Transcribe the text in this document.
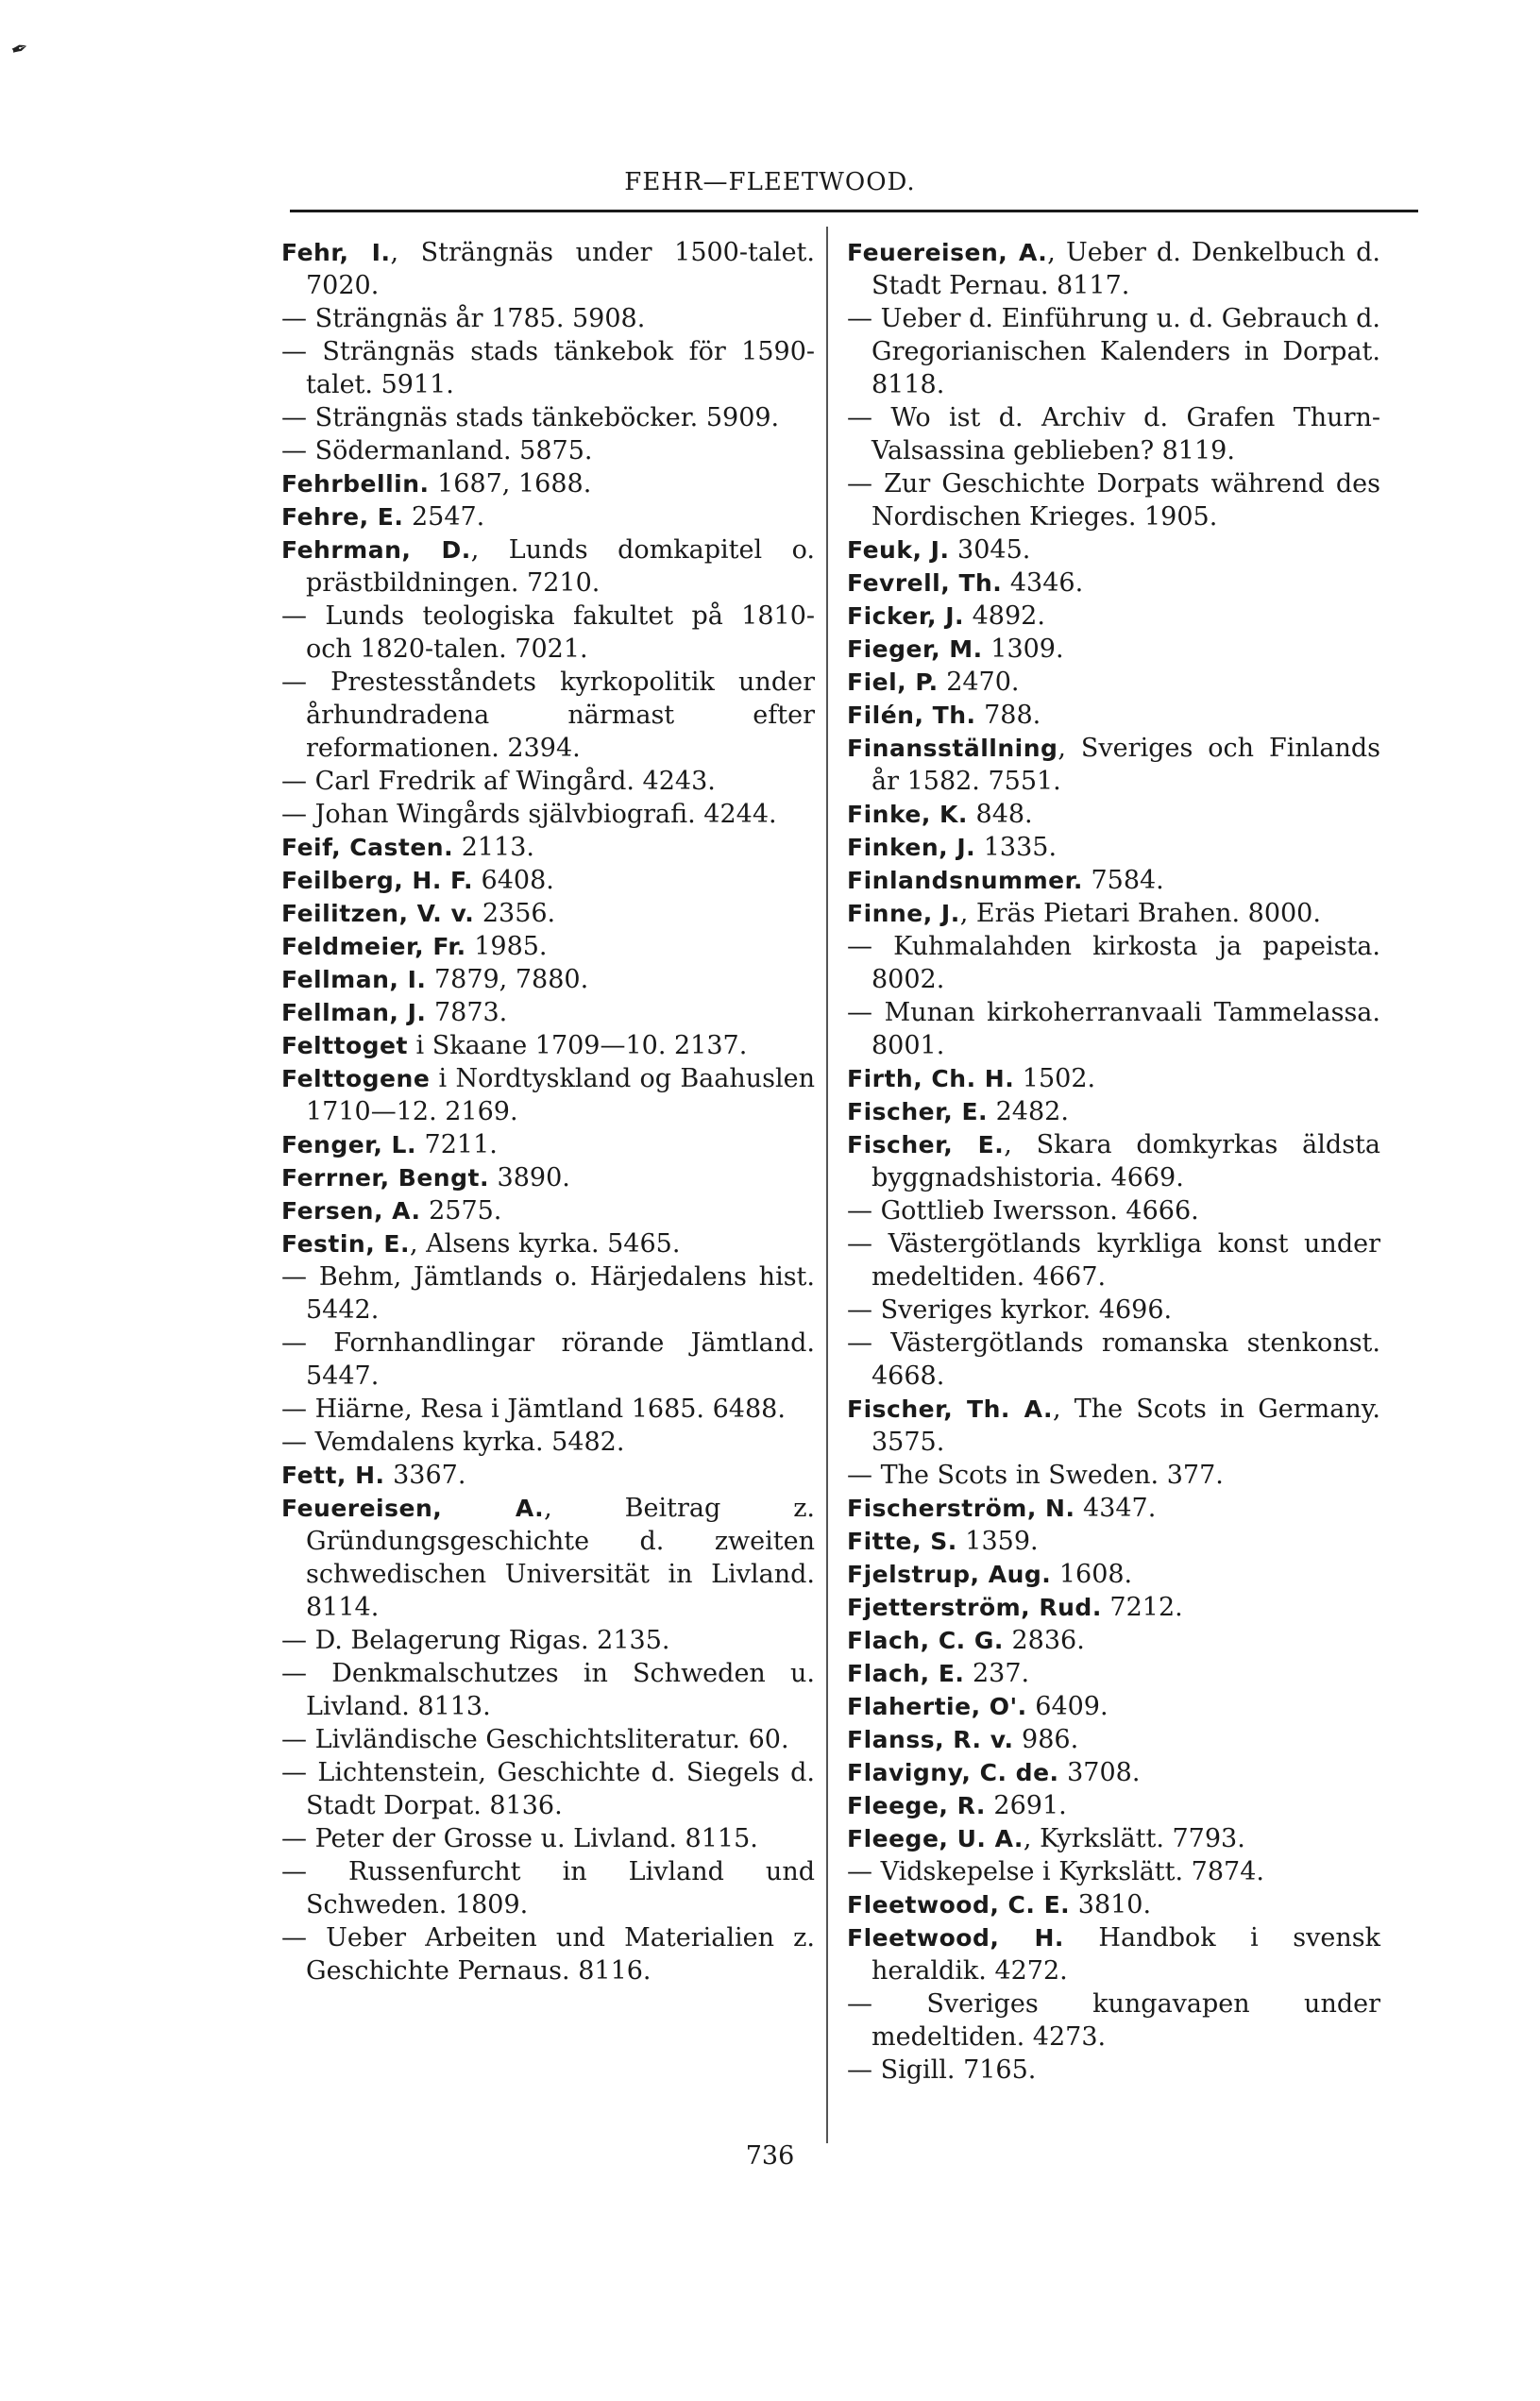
✒
FEHR—FLEETWOOD.
Fehr, I., Strängnäs under 1500-talet. 7020.
— Strängnäs år 1785. 5908.
— Strängnäs stads tänkebok för 1590-talet. 5911.
— Strängnäs stads tänkeböcker. 5909.
— Södermanland. 5875.
Fehrbellin. 1687, 1688.
Fehre, E. 2547.
Fehrman, D., Lunds domkapitel o. prästbildningen. 7210.
— Lunds teologiska fakultet på 1810- och 1820-talen. 7021.
— Prestesståndets kyrkopolitik under århundradena närmast efter reformationen. 2394.
— Carl Fredrik af Wingård. 4243.
— Johan Wingårds självbiografi. 4244.
Feif, Casten. 2113.
Feilberg, H. F. 6408.
Feilitzen, V. v. 2356.
Feldmeier, Fr. 1985.
Fellman, I. 7879, 7880.
Fellman, J. 7873.
Felttoget i Skaane 1709—10. 2137.
Felttogene i Nordtyskland og Baahuslen 1710—12. 2169.
Fenger, L. 7211.
Ferrner, Bengt. 3890.
Fersen, A. 2575.
Festin, E., Alsens kyrka. 5465.
— Behm, Jämtlands o. Härjedalens hist. 5442.
— Fornhandlingar rörande Jämtland. 5447.
— Hiärne, Resa i Jämtland 1685. 6488.
— Vemdalens kyrka. 5482.
Fett, H. 3367.
Feuereisen, A., Beitrag z. Gründungsgeschichte d. zweiten schwedischen Universität in Livland. 8114.
— D. Belagerung Rigas. 2135.
— Denkmalschutzes in Schweden u. Livland. 8113.
— Livländische Geschichtsliteratur. 60.
— Lichtenstein, Geschichte d. Siegels d. Stadt Dorpat. 8136.
— Peter der Grosse u. Livland. 8115.
— Russenfurcht in Livland und Schweden. 1809.
— Ueber Arbeiten und Materialien z. Geschichte Pernaus. 8116.
Feuereisen, A., Ueber d. Denkelbuch d. Stadt Pernau. 8117.
— Ueber d. Einführung u. d. Gebrauch d. Gregorianischen Kalenders in Dorpat. 8118.
— Wo ist d. Archiv d. Grafen Thurn-Valsassina geblieben? 8119.
— Zur Geschichte Dorpats während des Nordischen Krieges. 1905.
Feuk, J. 3045.
Fevrell, Th. 4346.
Ficker, J. 4892.
Fieger, M. 1309.
Fiel, P. 2470.
Filén, Th. 788.
Finansställning, Sveriges och Finlands år 1582. 7551.
Finke, K. 848.
Finken, J. 1335.
Finlandsnummer. 7584.
Finne, J., Eräs Pietari Brahen. 8000.
— Kuhmalahden kirkosta ja papeista. 8002.
— Munan kirkoherranvaali Tammelassa. 8001.
Firth, Ch. H. 1502.
Fischer, E. 2482.
Fischer, E., Skara domkyrkas äldsta byggnadshistoria. 4669.
— Gottlieb Iwersson. 4666.
— Västergötlands kyrkliga konst under medeltiden. 4667.
— Sveriges kyrkor. 4696.
— Västergötlands romanska stenkonst. 4668.
Fischer, Th. A., The Scots in Germany. 3575.
— The Scots in Sweden. 377.
Fischerström, N. 4347.
Fitte, S. 1359.
Fjelstrup, Aug. 1608.
Fjetterström, Rud. 7212.
Flach, C. G. 2836.
Flach, E. 237.
Flahertie, O'. 6409.
Flanss, R. v. 986.
Flavigny, C. de. 3708.
Fleege, R. 2691.
Fleege, U. A., Kyrkslätt. 7793.
— Vidskepelse i Kyrkslätt. 7874.
Fleetwood, C. E. 3810.
Fleetwood, H. Handbok i svensk heraldik. 4272.
— Sveriges kungavapen under medeltiden. 4273.
— Sigill. 7165.
736
